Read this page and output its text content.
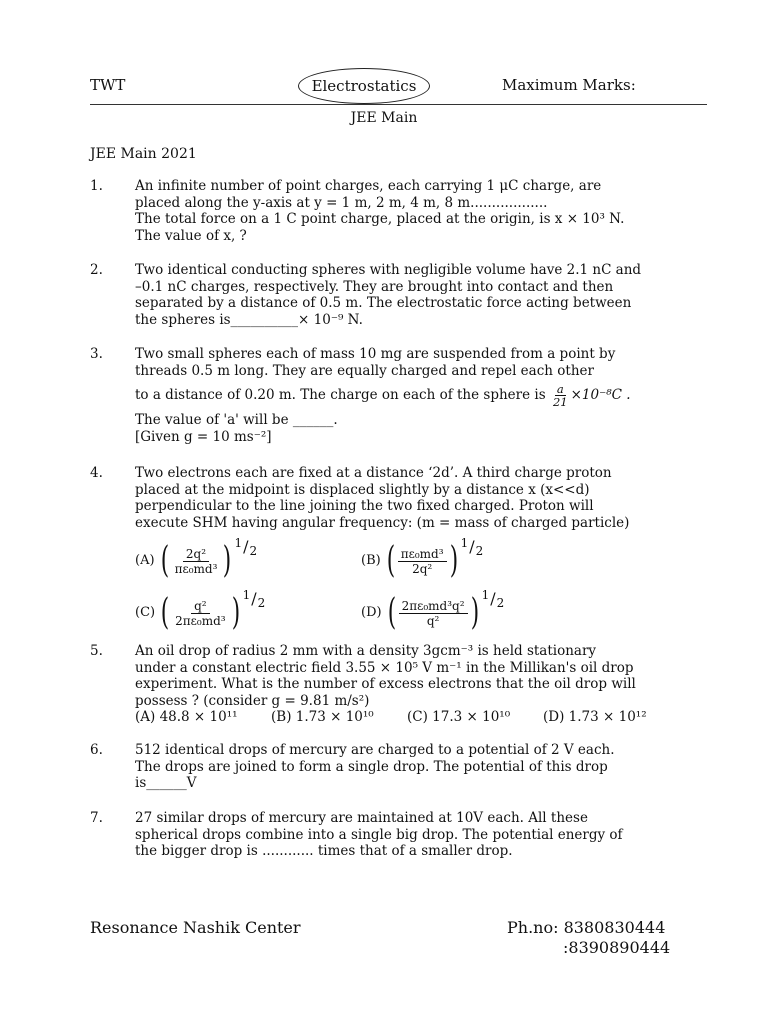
TWT	Electrostatics	Maximum Marks:
JEE Main
JEE Main 2021
1. An infinite number of point charges, each carrying 1 μC charge, are
placed along the y-axis at y = 1 m, 2 m, 4 m, 8 m..................
The total force on a 1 C point charge, placed at the origin, is x × 10³ N.
The value of x, ?
2. Two identical conducting spheres with negligible volume have 2.1 nC and
–0.1 nC charges, respectively. They are brought into contact and then
separated by a distance of 0.5 m. The electrostatic force acting between
the spheres is__________× 10⁻⁹ N.
3. Two small spheres each of mass 10 mg are suspended from a point by
threads 0.5 m long. They are equally charged and repel each other
to a distance of 0.20 m. The charge on each of the sphere is $\frac{a}{21} \times 10^{-8}C$ .
The value of 'a' will be ______.
[Given g = 10 ms⁻²]
4. Two electrons each are fixed at a distance ‘2d’. A third charge proton
placed at the midpoint is displaced slightly by a distance x (x<<d)
perpendicular to the line joining the two fixed charged. Proton will
execute SHM having angular frequency: (m = mass of charged particle)
(A) ( $\frac{\text{2q²}}{\text{πε₀md³}}$ ) 1 / 2
(B) ( $\frac{\text{πε₀md³}}{\text{2q²}}$ ) 1 / 2
(C) ( $\frac{\text{q²}}{\text{2πε₀md³}}$ ) 1 / 2
(D) ( $\frac{\text{2πε₀md³q²}}{\text{q²}}$ ) 1 / 2
5. An oil drop of radius 2 mm with a density 3gcm⁻³ is held stationary
under a constant electric field 3.55 × 10⁵ V m⁻¹ in the Millikan's oil drop
experiment. What is the number of excess electrons that the oil drop will
possess ? (consider g = 9.81 m/s²)
(A) 48.8 × 10¹¹	(B) 1.73 × 10¹⁰	(C) 17.3 × 10¹⁰	(D) 1.73 × 10¹²
6. 512 identical drops of mercury are charged to a potential of 2 V each.
The drops are joined to form a single drop. The potential of this drop
is______V
7. 27 similar drops of mercury are maintained at 10V each. All these
spherical drops combine into a single big drop. The potential energy of
the bigger drop is ............ times that of a smaller drop.
Resonance Nashik Center	Ph.no: 8380830444
:8390890444
